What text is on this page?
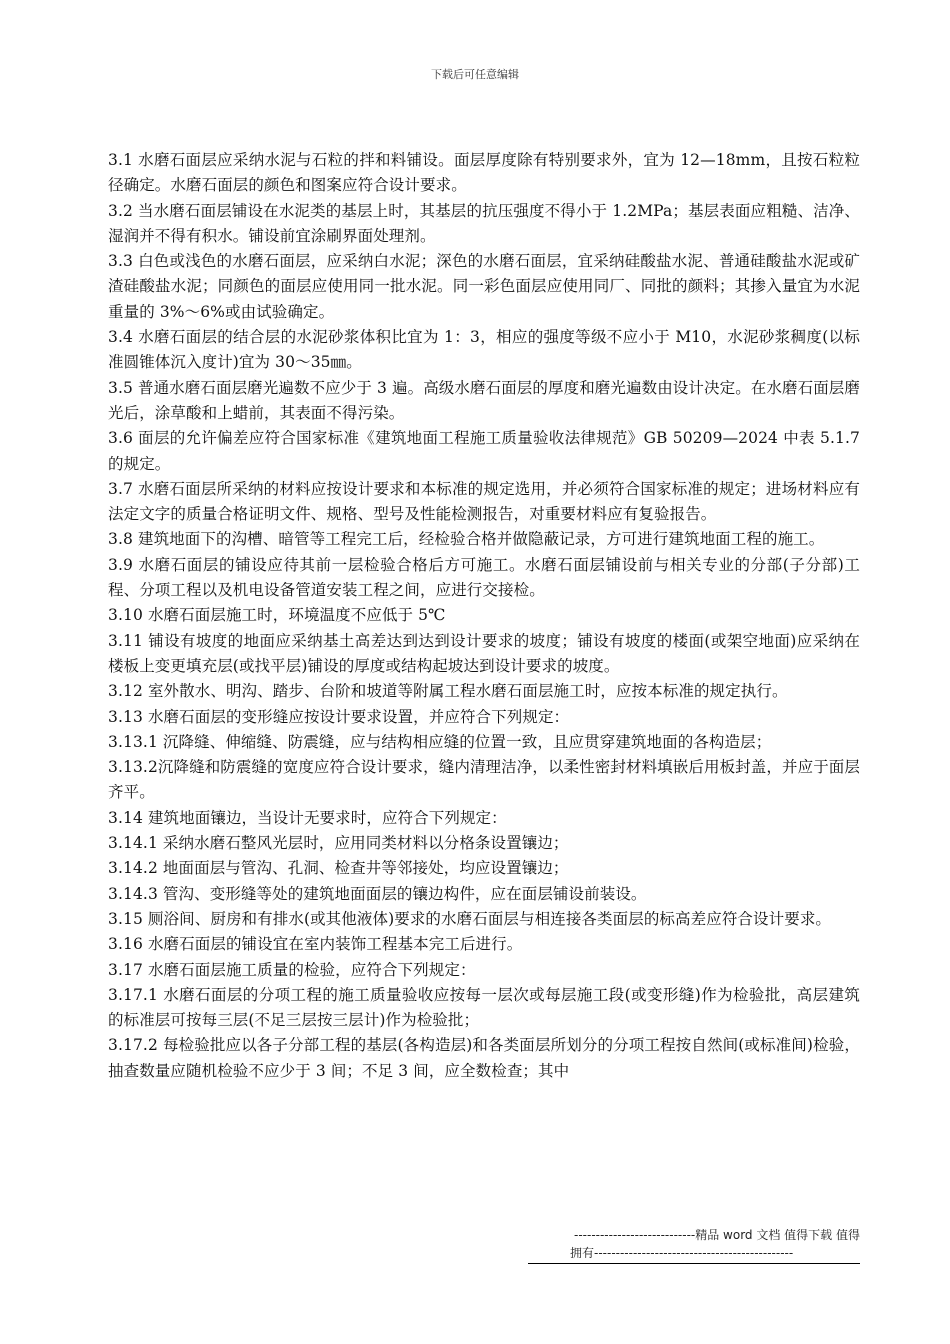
下载后可任意编辑

3.1 水磨石面层应采纳水泥与石粒的拌和料铺设。面层厚度除有特别要求外，宜为 12—18mm，且按石粒粒径确定。水磨石面层的颜色和图案应符合设计要求。

3.2 当水磨石面层铺设在水泥类的基层上时，其基层的抗压强度不得小于 1.2MPa；基层表面应粗糙、洁净、湿润并不得有积水。铺设前宜涂刷界面处理剂。

3.3 白色或浅色的水磨石面层，应采纳白水泥；深色的水磨石面层，宜采纳硅酸盐水泥、普通硅酸盐水泥或矿渣硅酸盐水泥；同颜色的面层应使用同一批水泥。同一彩色面层应使用同厂、同批的颜料；其掺入量宜为水泥重量的 3%～6%或由试验确定。

3.4 水磨石面层的结合层的水泥砂浆体积比宜为 1：3，相应的强度等级不应小于 M10，水泥砂浆稠度(以标准圆锥体沉入度计)宜为 30～35㎜。

3.5 普通水磨石面层磨光遍数不应少于 3 遍。高级水磨石面层的厚度和磨光遍数由设计决定。在水磨石面层磨光后，涂草酸和上蜡前，其表面不得污染。

3.6 面层的允许偏差应符合国家标准《建筑地面工程施工质量验收法律规范》GB 50209—2024 中表 5.1.7 的规定。

3.7 水磨石面层所采纳的材料应按设计要求和本标准的规定选用，并必须符合国家标准的规定；进场材料应有法定文字的质量合格证明文件、规格、型号及性能检测报告，对重要材料应有复验报告。

3.8 建筑地面下的沟槽、暗管等工程完工后，经检验合格并做隐蔽记录，方可进行建筑地面工程的施工。

3.9 水磨石面层的铺设应待其前一层检验合格后方可施工。水磨石面层铺设前与相关专业的分部(子分部)工程、分项工程以及机电设备管道安装工程之间，应进行交接检。

3.10 水磨石面层施工时，环境温度不应低于 5℃

3.11 铺设有坡度的地面应采纳基土高差达到达到设计要求的坡度；铺设有坡度的楼面(或架空地面)应采纳在楼板上变更填充层(或找平层)铺设的厚度或结构起坡达到设计要求的坡度。

3.12 室外散水、明沟、踏步、台阶和坡道等附属工程水磨石面层施工时，应按本标准的规定执行。

3.13 水磨石面层的变形缝应按设计要求设置，并应符合下列规定：

3.13.1 沉降缝、伸缩缝、防震缝，应与结构相应缝的位置一致，且应贯穿建筑地面的各构造层；

3.13.2沉降缝和防震缝的宽度应符合设计要求，缝内清理洁净，以柔性密封材料填嵌后用板封盖，并应于面层齐平。

3.14 建筑地面镶边，当设计无要求时，应符合下列规定：

3.14.1 采纳水磨石整风光层时，应用同类材料以分格条设置镶边；

3.14.2 地面面层与管沟、孔洞、检查井等邻接处，均应设置镶边；

3.14.3 管沟、变形缝等处的建筑地面面层的镶边构件，应在面层铺设前装设。

3.15 厕浴间、厨房和有排水(或其他液体)要求的水磨石面层与相连接各类面层的标高差应符合设计要求。

3.16 水磨石面层的铺设宜在室内装饰工程基本完工后进行。

3.17 水磨石面层施工质量的检验，应符合下列规定：

3.17.1 水磨石面层的分项工程的施工质量验收应按每一层次或每层施工段(或变形缝)作为检验批，高层建筑的标准层可按每三层(不足三层按三层计)作为检验批；

3.17.2 每检验批应以各子分部工程的基层(各构造层)和各类面层所划分的分项工程按自然间(或标准间)检验，抽查数量应随机检验不应少于 3 间；不足 3 间，应全数检查；其中

----------------------------精品 word 文档 值得下载 值得
拥有----------------------------------------------
